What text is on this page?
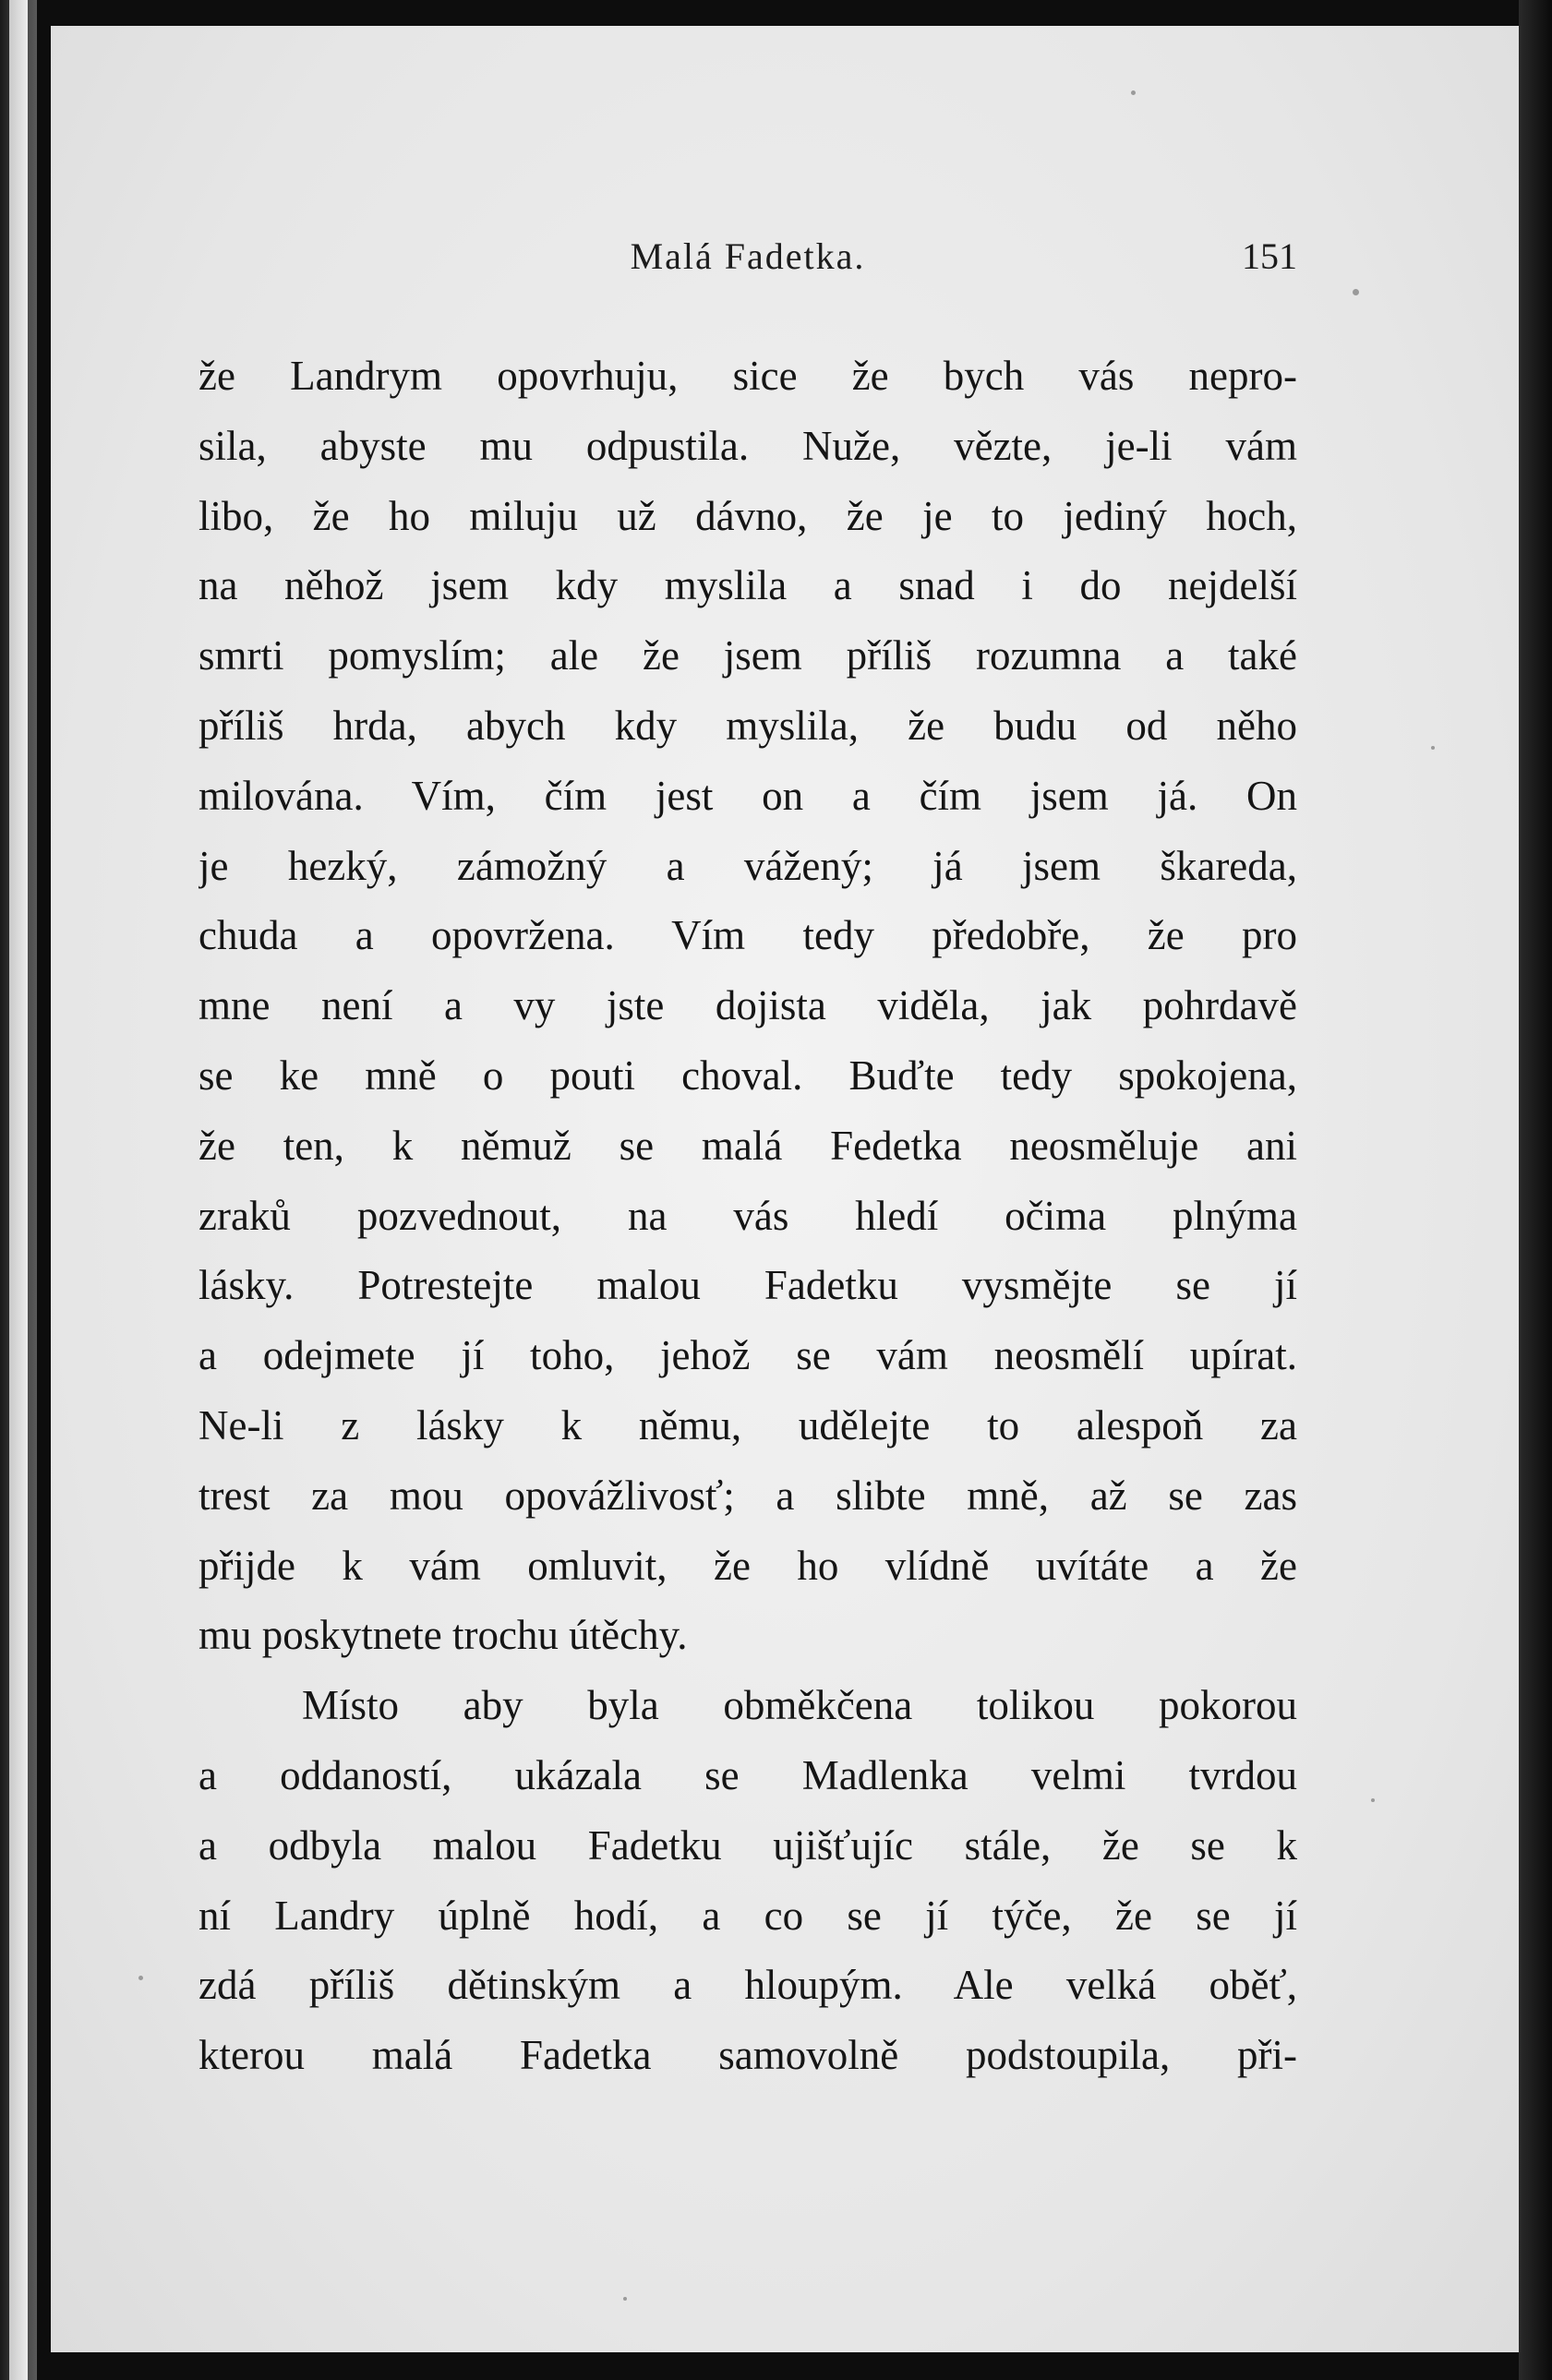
Malá Fadetka.	151
že Landrym opovrhuju, sice že bych vás nepro-
sila, abyste mu odpustila. Nuže, vězte, je-li vám
libo, že ho miluju už dávno, že je to jediný hoch,
na něhož jsem kdy myslila a snad i do nejdelší
smrti pomyslím; ale že jsem příliš rozumna a také
příliš hrda, abych kdy myslila, že budu od něho
milována. Vím, čím jest on a čím jsem já. On
je hezký, zámožný a vážený; já jsem škareda,
chuda a opovržena. Vím tedy předobře, že pro
mne není a vy jste dojista viděla, jak pohrdavě
se ke mně o pouti choval. Buďte tedy spokojena,
že ten, k němuž se malá Fedetka neosměluje ani
zraků pozvednout, na vás hledí očima plnýma
lásky. Potrestejte malou Fadetku vysmějte se jí
a odejmete jí toho, jehož se vám neosmělí upírat.
Ne-li z lásky k němu, udělejte to alespoň za
trest za mou opovážlivosť; a slibte mně, až se zas
přijde k vám omluvit, že ho vlídně uvítáte a že
mu poskytnete trochu útěchy.
Místo aby byla obměkčena tolikou pokorou
a oddaností, ukázala se Madlenka velmi tvrdou
a odbyla malou Fadetku ujišťujíc stále, že se k
ní Landry úplně hodí, a co se jí týče, že se jí
zdá příliš dětinským a hloupým. Ale velká oběť,
kterou malá Fadetka samovolně podstoupila, při-
